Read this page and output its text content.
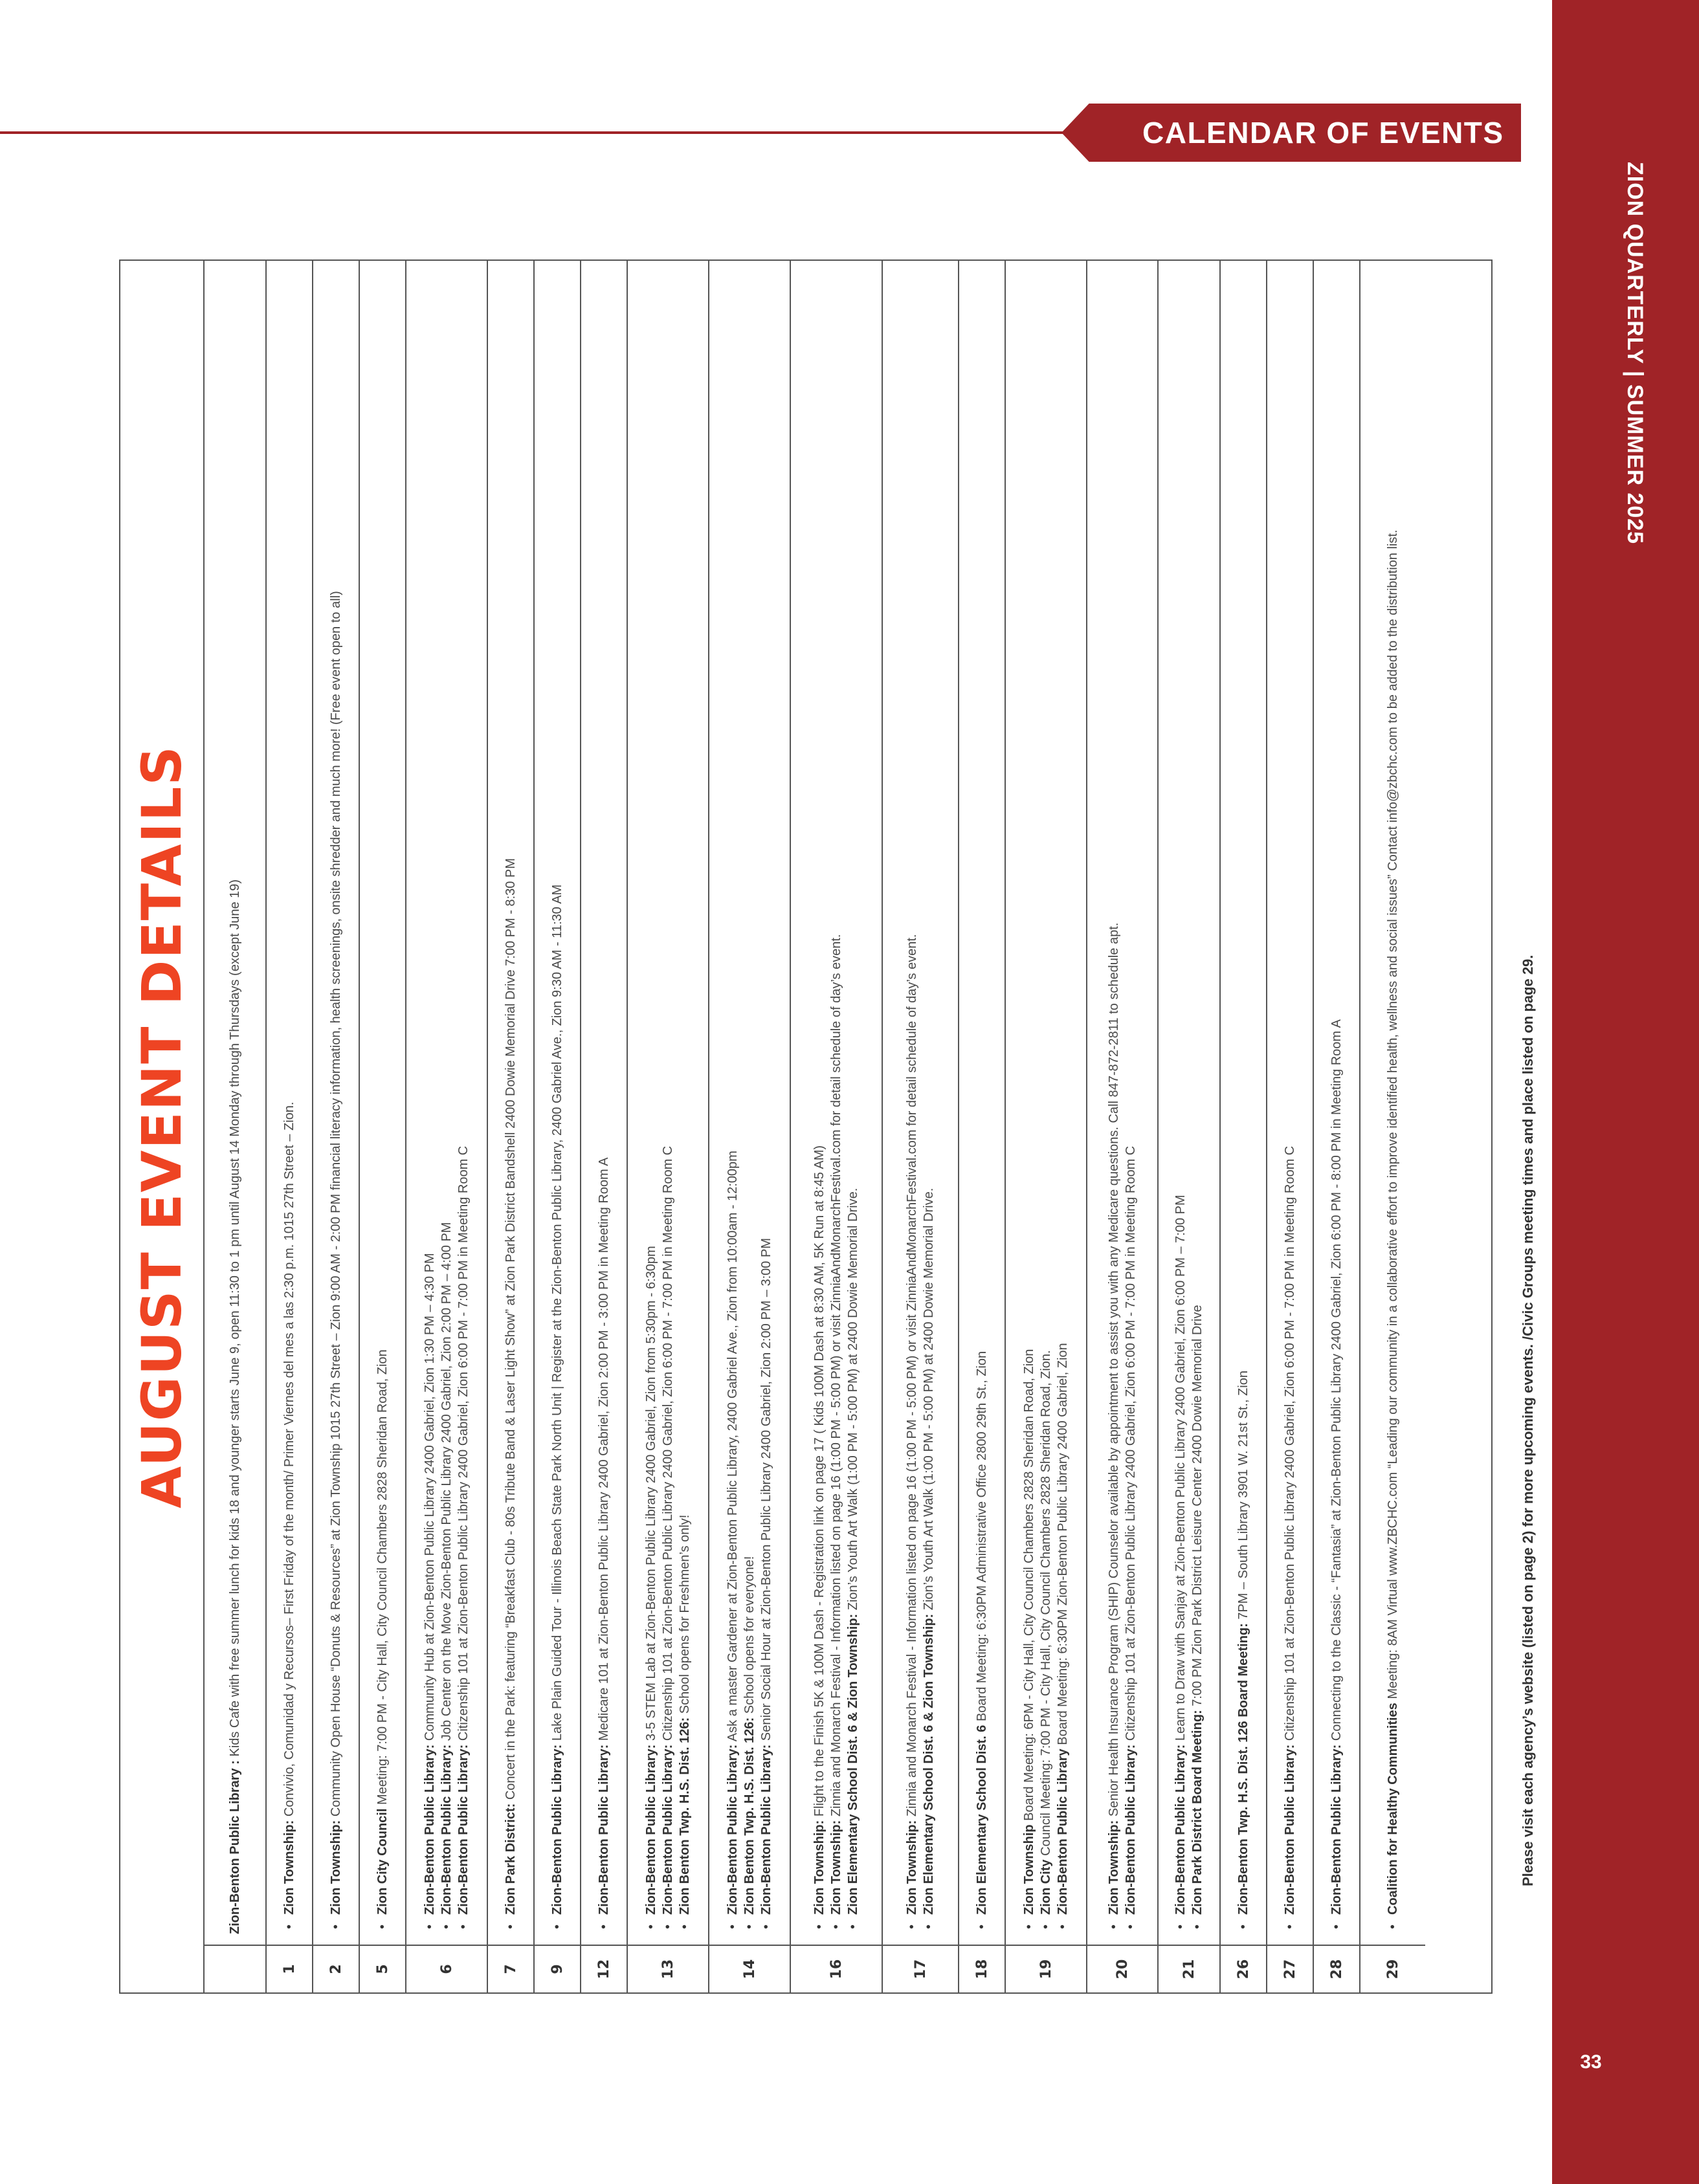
ZION QUARTERLY | SUMMER 2025
33
CALENDAR OF EVENTS
AUGUST EVENT DETAILS
Zion-Benton Public Library : Kids Cafe with free summer lunch for kids 18 and younger starts June 9, open 11:30 to 1 pm until August 14 Monday through Thursdays (except June 19)
1
• Zion Township: Convivio, Comunidad y Recursos– First Friday of the month/ Primer Viernes del mes a las 2:30 p.m. 1015 27th Street – Zion.
2
• Zion Township: Community Open House “Donuts & Resources” at Zion Township 1015 27th Street – Zion 9:00 AM - 2:00 PM financial literacy information, health screenings, onsite shredder and much more! (Free event open to all)
5
• Zion City Council Meeting: 7:00 PM - City Hall, City Council Chambers 2828 Sheridan Road, Zion
6
• Zion-Benton Public Library: Community Hub at Zion-Benton Public Library 2400 Gabriel, Zion 1:30 PM – 4:30 PM
• Zion-Benton Public Library: Job Center on the Move Zion-Benton Public Library 2400 Gabriel, Zion 2:00 PM – 4:00 PM
• Zion-Benton Public Library: Citizenship 101 at Zion-Benton Public Library 2400 Gabriel, Zion 6:00 PM - 7:00 PM in Meeting Room C
7
• Zion Park District: Concert in the Park: featuring “Breakfast Club - 80s Tribute Band & Laser Light Show” at Zion Park District Bandshell 2400 Dowie Memorial Drive 7:00 PM - 8:30 PM
9
• Zion-Benton Public Library: Lake Plain Guided Tour - Illinois Beach State Park North Unit | Register at the Zion-Benton Public Library, 2400 Gabriel Ave., Zion 9:30 AM - 11:30 AM
12
• Zion-Benton Public Library: Medicare 101 at Zion-Benton Public Library 2400 Gabriel, Zion 2:00 PM - 3:00 PM in Meeting Room A
13
• Zion-Benton Public Library: 3-5 STEM Lab at Zion-Benton Public Library 2400 Gabriel, Zion from 5:30pm - 6:30pm
• Zion-Benton Public Library: Citizenship 101 at Zion-Benton Public Library 2400 Gabriel, Zion 6:00 PM - 7:00 PM in Meeting Room C
• Zion Benton Twp. H.S. Dist. 126: School opens for Freshmen’s only!
14
• Zion-Benton Public Library: Ask a master Gardener at Zion-Benton Public Library, 2400 Gabriel Ave., Zion from 10:00am - 12:00pm
• Zion Benton Twp. H.S. Dist. 126: School opens for everyone!
• Zion-Benton Public Library: Senior Social Hour at Zion-Benton Public Library 2400 Gabriel, Zion 2:00 PM – 3:00 PM
16
• Zion Township: Flight to the Finish 5K & 100M Dash - Registration link on page 17 ( Kids 100M Dash at 8:30 AM, 5K Run at 8:45 AM)
• Zion Township: Zinnia and Monarch Festival - Information listed on page 16 (1:00 PM - 5:00 PM) or visit ZinniaAndMonarchFestival.com for detail schedule of day’s event. • Zion Elementary School Dist. 6 & Zion Township: Zion’s Youth Art Walk (1:00 PM - 5:00 PM) at 2400 Dowie Memorial Drive.
17
• Zion Township: Zinnia and Monarch Festival - Information listed on page 16 (1:00 PM - 5:00 PM) or visit ZinniaAndMonarchFestival.com for detail schedule of day’s event. • Zion Elementary School Dist. 6 & Zion Township: Zion’s Youth Art Walk (1:00 PM - 5:00 PM) at 2400 Dowie Memorial Drive.
18
• Zion Elementary School Dist. 6 Board Meeting: 6:30PM Administrative Office 2800 29th St., Zion
19
• Zion Township Board Meeting: 6PM - City Hall, City Council Chambers 2828 Sheridan Road, Zion
• Zion City Council Meeting: 7:00 PM - City Hall, City Council Chambers 2828 Sheridan Road, Zion. • Zion-Benton Public Library Board Meeting: 6:30PM Zion-Benton Public Library 2400 Gabriel, Zion
20
• Zion Township: Senior Health Insurance Program (SHIP) Counselor available by appointment to assist you with any Medicare questions. Call 847-872-2811 to schedule apt.
• Zion-Benton Public Library: Citizenship 101 at Zion-Benton Public Library 2400 Gabriel, Zion 6:00 PM - 7:00 PM in Meeting Room C
21
• Zion-Benton Public Library: Learn to Draw with Sanjay at Zion-Benton Public Library 2400 Gabriel, Zion 6:00 PM – 7:00 PM
• Zion Park District Board Meeting: 7:00 PM Zion Park District Leisure Center 2400 Dowie Memorial Drive
26
• Zion-Benton Twp. H.S. Dist. 126 Board Meeting: 7PM – South Library 3901 W. 21st St., Zion
27
• Zion-Benton Public Library: Citizenship 101 at Zion-Benton Public Library 2400 Gabriel, Zion 6:00 PM - 7:00 PM in Meeting Room C
28
• Zion-Benton Public Library: Connecting to the Classic - “Fantasia” at Zion-Benton Public Library 2400 Gabriel, Zion 6:00 PM - 8:00 PM in Meeting Room A
29
• Coalition for Healthy Communities Meeting: 8AM Virtual www.ZBCHC.com “Leading our community in a collaborative effort to improve identified health, wellness and social issues” Contact info@zbchc.com to be added to the distribution list.	Please visit each agency’s website (listed on page 2) for more upcoming events. /Civic Groups meeting times and place listed on page 29.
